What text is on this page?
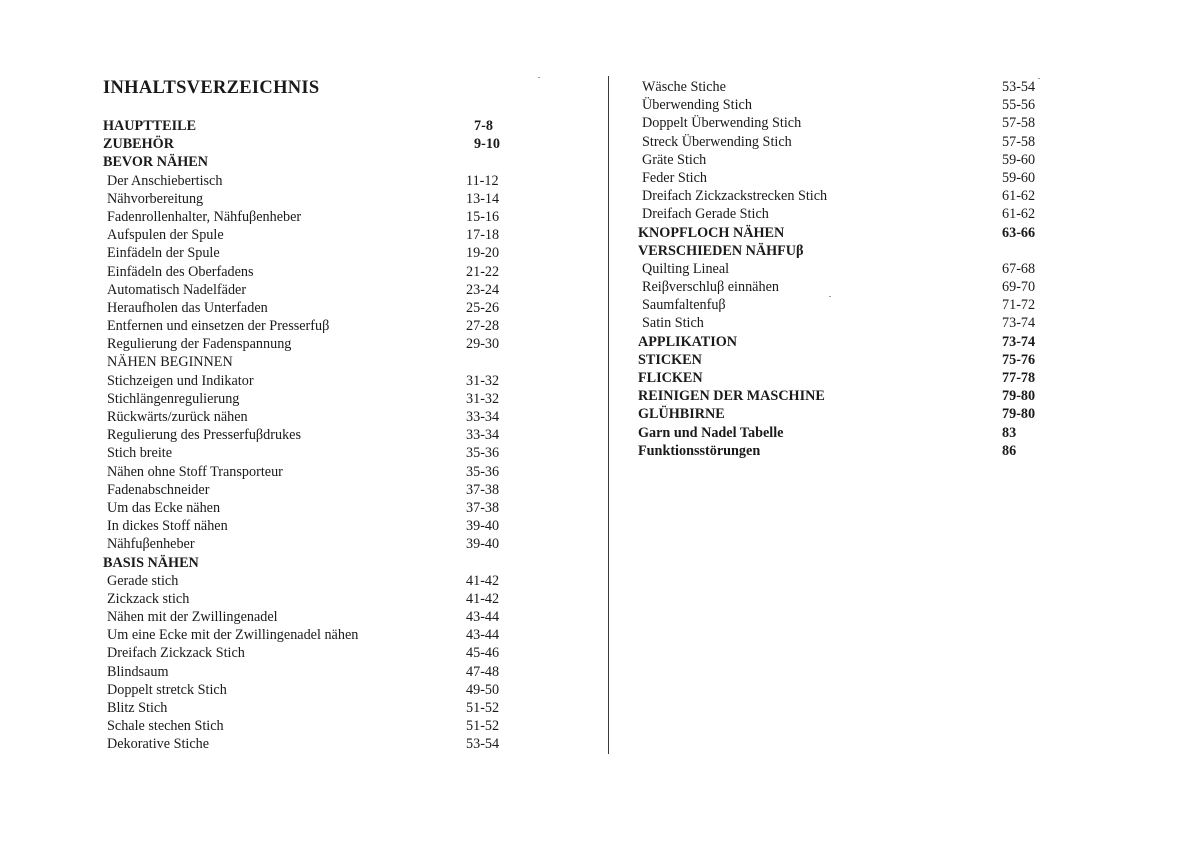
INHALTSVERZEICHNIS
HAUPTTEILE	7-8
ZUBEHÖR	9-10
BEVOR NÄHEN
Der Anschiebertisch	11-12
Nähvorbereitung	13-14
Fadenrollenhalter, Nähfuβenheber	15-16
Aufspulen der Spule	17-18
Einfädeln der Spule	19-20
Einfädeln des Oberfadens	21-22
Automatisch Nadelfäder	23-24
Heraufholen das Unterfaden	25-26
Entfernen und einsetzen der Presserfuβ	27-28
Regulierung der Fadenspannung	29-30
NÄHEN BEGINNEN
Stichzeigen und Indikator	31-32
Stichlängenregulierung	31-32
Rückwärts/zurück nähen	33-34
Regulierung des Presserfuβdrukes	33-34
Stich breite	35-36
Nähen ohne Stoff Transporteur	35-36
Fadenabschneider	37-38
Um das Ecke nähen	37-38
In dickes Stoff nähen	39-40
Nähfuβenheber	39-40
BASIS NÄHEN
Gerade stich	41-42
Zickzack stich	41-42
Nähen mit der Zwillingenadel	43-44
Um eine Ecke mit der Zwillingenadel nähen	43-44
Dreifach Zickzack Stich	45-46
Blindsaum	47-48
Doppelt stretck Stich	49-50
Blitz Stich	51-52
Schale stechen Stich	51-52
Dekorative Stiche	53-54
Wäsche Stiche	53-54
Überwending Stich	55-56
Doppelt Überwending Stich	57-58
Streck Überwending Stich	57-58
Gräte Stich	59-60
Feder Stich	59-60
Dreifach Zickzackstrecken Stich	61-62
Dreifach Gerade Stich	61-62
KNOPFLOCH NÄHEN	63-66
VERSCHIEDEN NÄHFUβ
Quilting Lineal	67-68
Reiβverschluβ einnähen	69-70
Saumfaltenfuβ	71-72
Satin Stich	73-74
APPLIKATION	73-74
STICKEN	75-76
FLICKEN	77-78
REINIGEN DER MASCHINE	79-80
GLÜHBIRNE	79-80
Garn und Nadel Tabelle	83
Funktionsstörungen	86
